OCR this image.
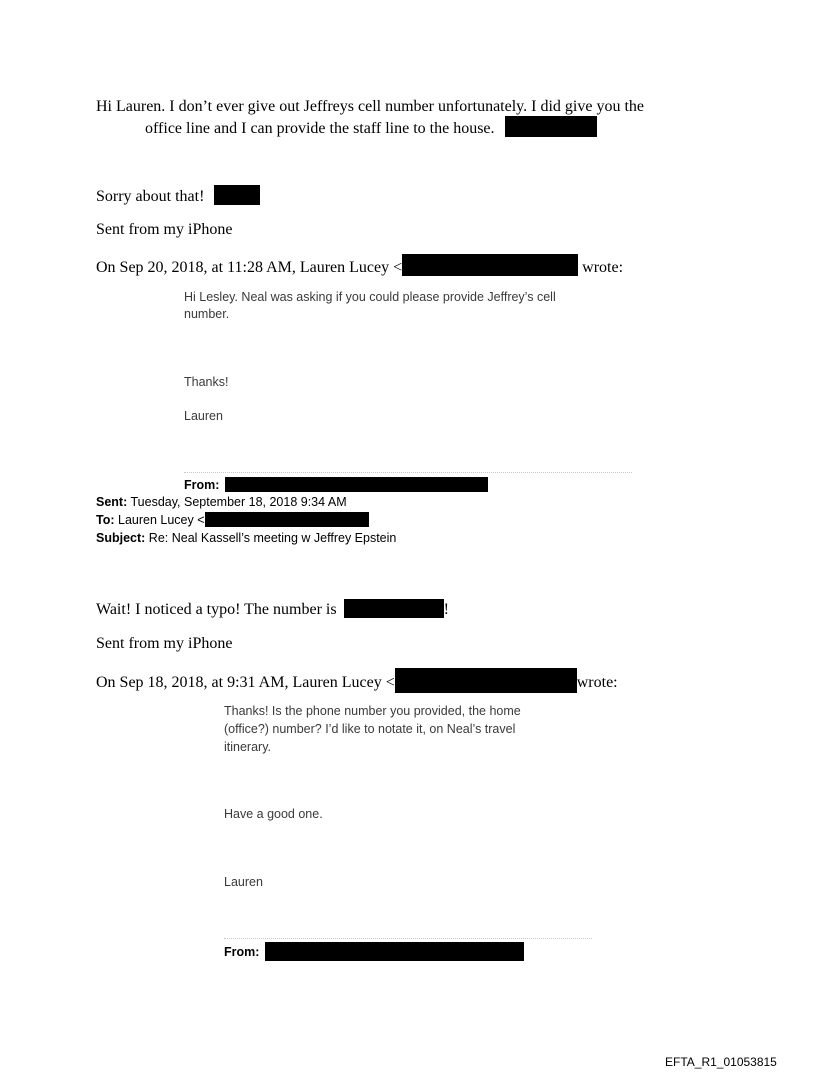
Hi Lauren. I don’t ever give out Jeffreys cell number unfortunately. I did give you the
office line and I can provide the staff line to the house.
Sorry about that!
Sent from my iPhone
On Sep 20, 2018, at 11:28 AM, Lauren Lucey <	wrote:
Hi Lesley. Neal was asking if you could please provide Jeffrey’s cell
number.
Thanks!
Lauren
From:
Sent: Tuesday, September 18, 2018 9:34 AM
To: Lauren Lucey <
Subject: Re: Neal Kassell’s meeting w Jeffrey Epstein
Wait! I noticed a typo! The number is	!
Sent from my iPhone
On Sep 18, 2018, at 9:31 AM, Lauren Lucey <	wrote:
Thanks! Is the phone number you provided, the home
(office?) number? I’d like to notate it, on Neal’s travel
itinerary.
Have a good one.
Lauren
From:
EFTA_R1_01053815
